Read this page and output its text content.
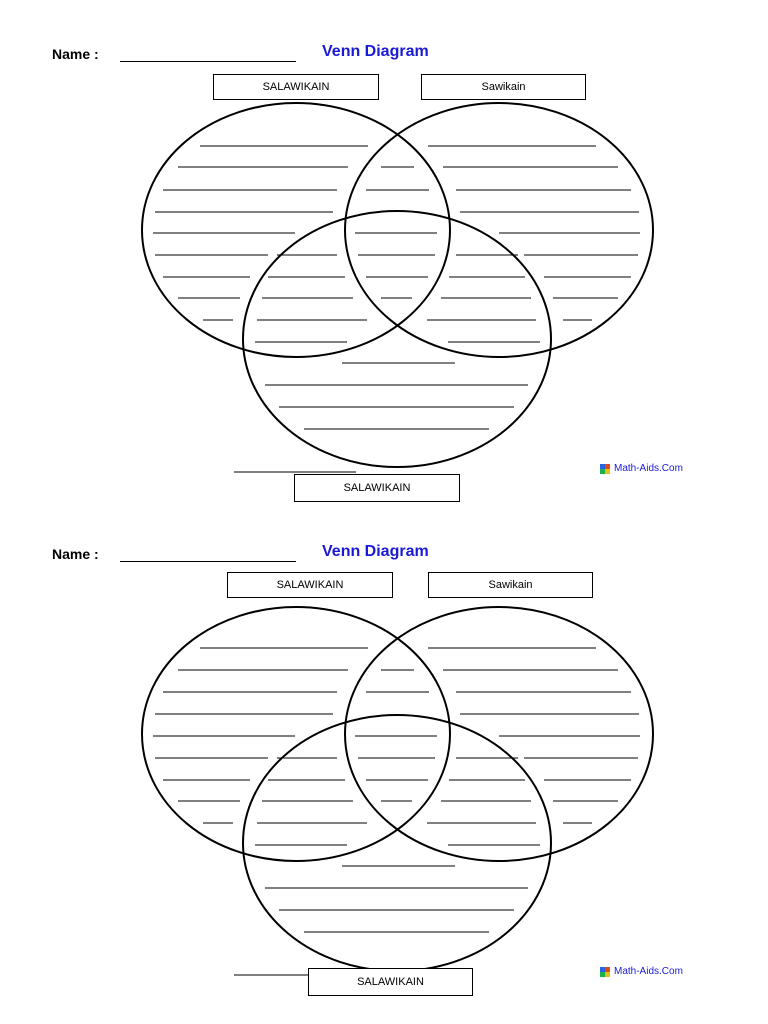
Name :	Venn Diagram
SALAWIKAIN	Sawikain
SALAWIKAIN
Math-Aids.Com
Name :	Venn Diagram
SALAWIKAIN	Sawikain
SALAWIKAIN
Math-Aids.Com
